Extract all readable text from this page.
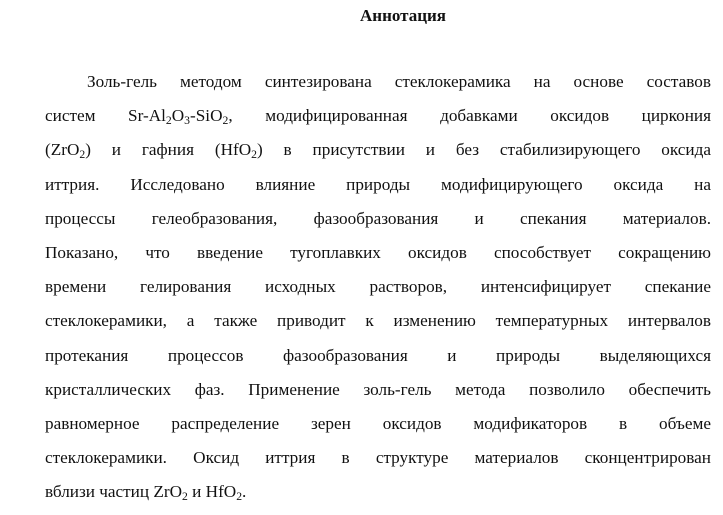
Аннотация
Золь-гель методом синтезирована стеклокерамика на основе составов
систем $Sr-Al_2O_3-SiO_2$, модифицированная добавками оксидов циркония
(ZrO$_2$) и гафния (HfO$_2$) в присутствии и без стабилизирующего оксида
иттрия. Исследовано влияние природы модифицирующего оксида на
процессы гелеобразования, фазообразования и спекания материалов.
Показано, что введение тугоплавких оксидов способствует сокращению
времени гелирования исходных растворов, интенсифицирует спекание
стеклокерамики, а также приводит к изменению температурных интервалов
протекания процессов фазообразования и природы выделяющихся
кристаллических фаз. Применение золь-гель метода позволило обеспечить
равномерное распределение зерен оксидов модификаторов в объеме
стеклокерамики. Оксид иттрия в структуре материалов сконцентрирован
вблизи частиц ZrO$_2$ и HfO$_2$.
